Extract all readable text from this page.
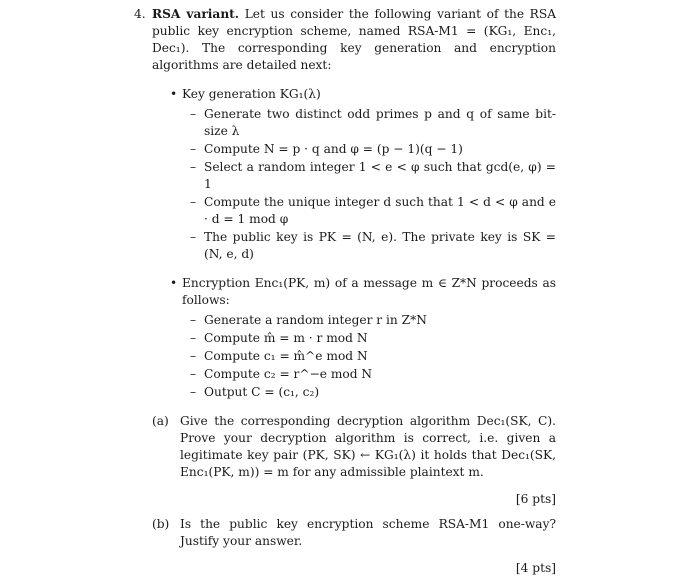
4. RSA variant. Let us consider the following variant of the RSA public key encryption scheme, named RSA-M1 = (KG₁, Enc₁, Dec₁). The corresponding key generation and encryption algorithms are detailed next:
• Key generation KG₁(λ)
– Generate two distinct odd primes p and q of same bit-size λ
– Compute N = p · q and φ = (p − 1)(q − 1)
– Select a random integer 1 < e < φ such that gcd(e, φ) = 1
– Compute the unique integer d such that 1 < d < φ and e · d = 1 mod φ
– The public key is PK = (N, e). The private key is SK = (N, e, d)
• Encryption Enc₁(PK, m) of a message m ∈ Z*N proceeds as follows:
– Generate a random integer r in Z*N
– Compute m̂ = m · r mod N
– Compute c₁ = m̂^e mod N
– Compute c₂ = r^−e mod N
– Output C = (c₁, c₂)
(a) Give the corresponding decryption algorithm Dec₁(SK, C). Prove your decryption algorithm is correct, i.e. given a legitimate key pair (PK, SK) ← KG₁(λ) it holds that Dec₁(SK, Enc₁(PK, m)) = m for any admissible plaintext m.
[6 pts]
(b) Is the public key encryption scheme RSA-M1 one-way? Justify your answer.
[4 pts]
